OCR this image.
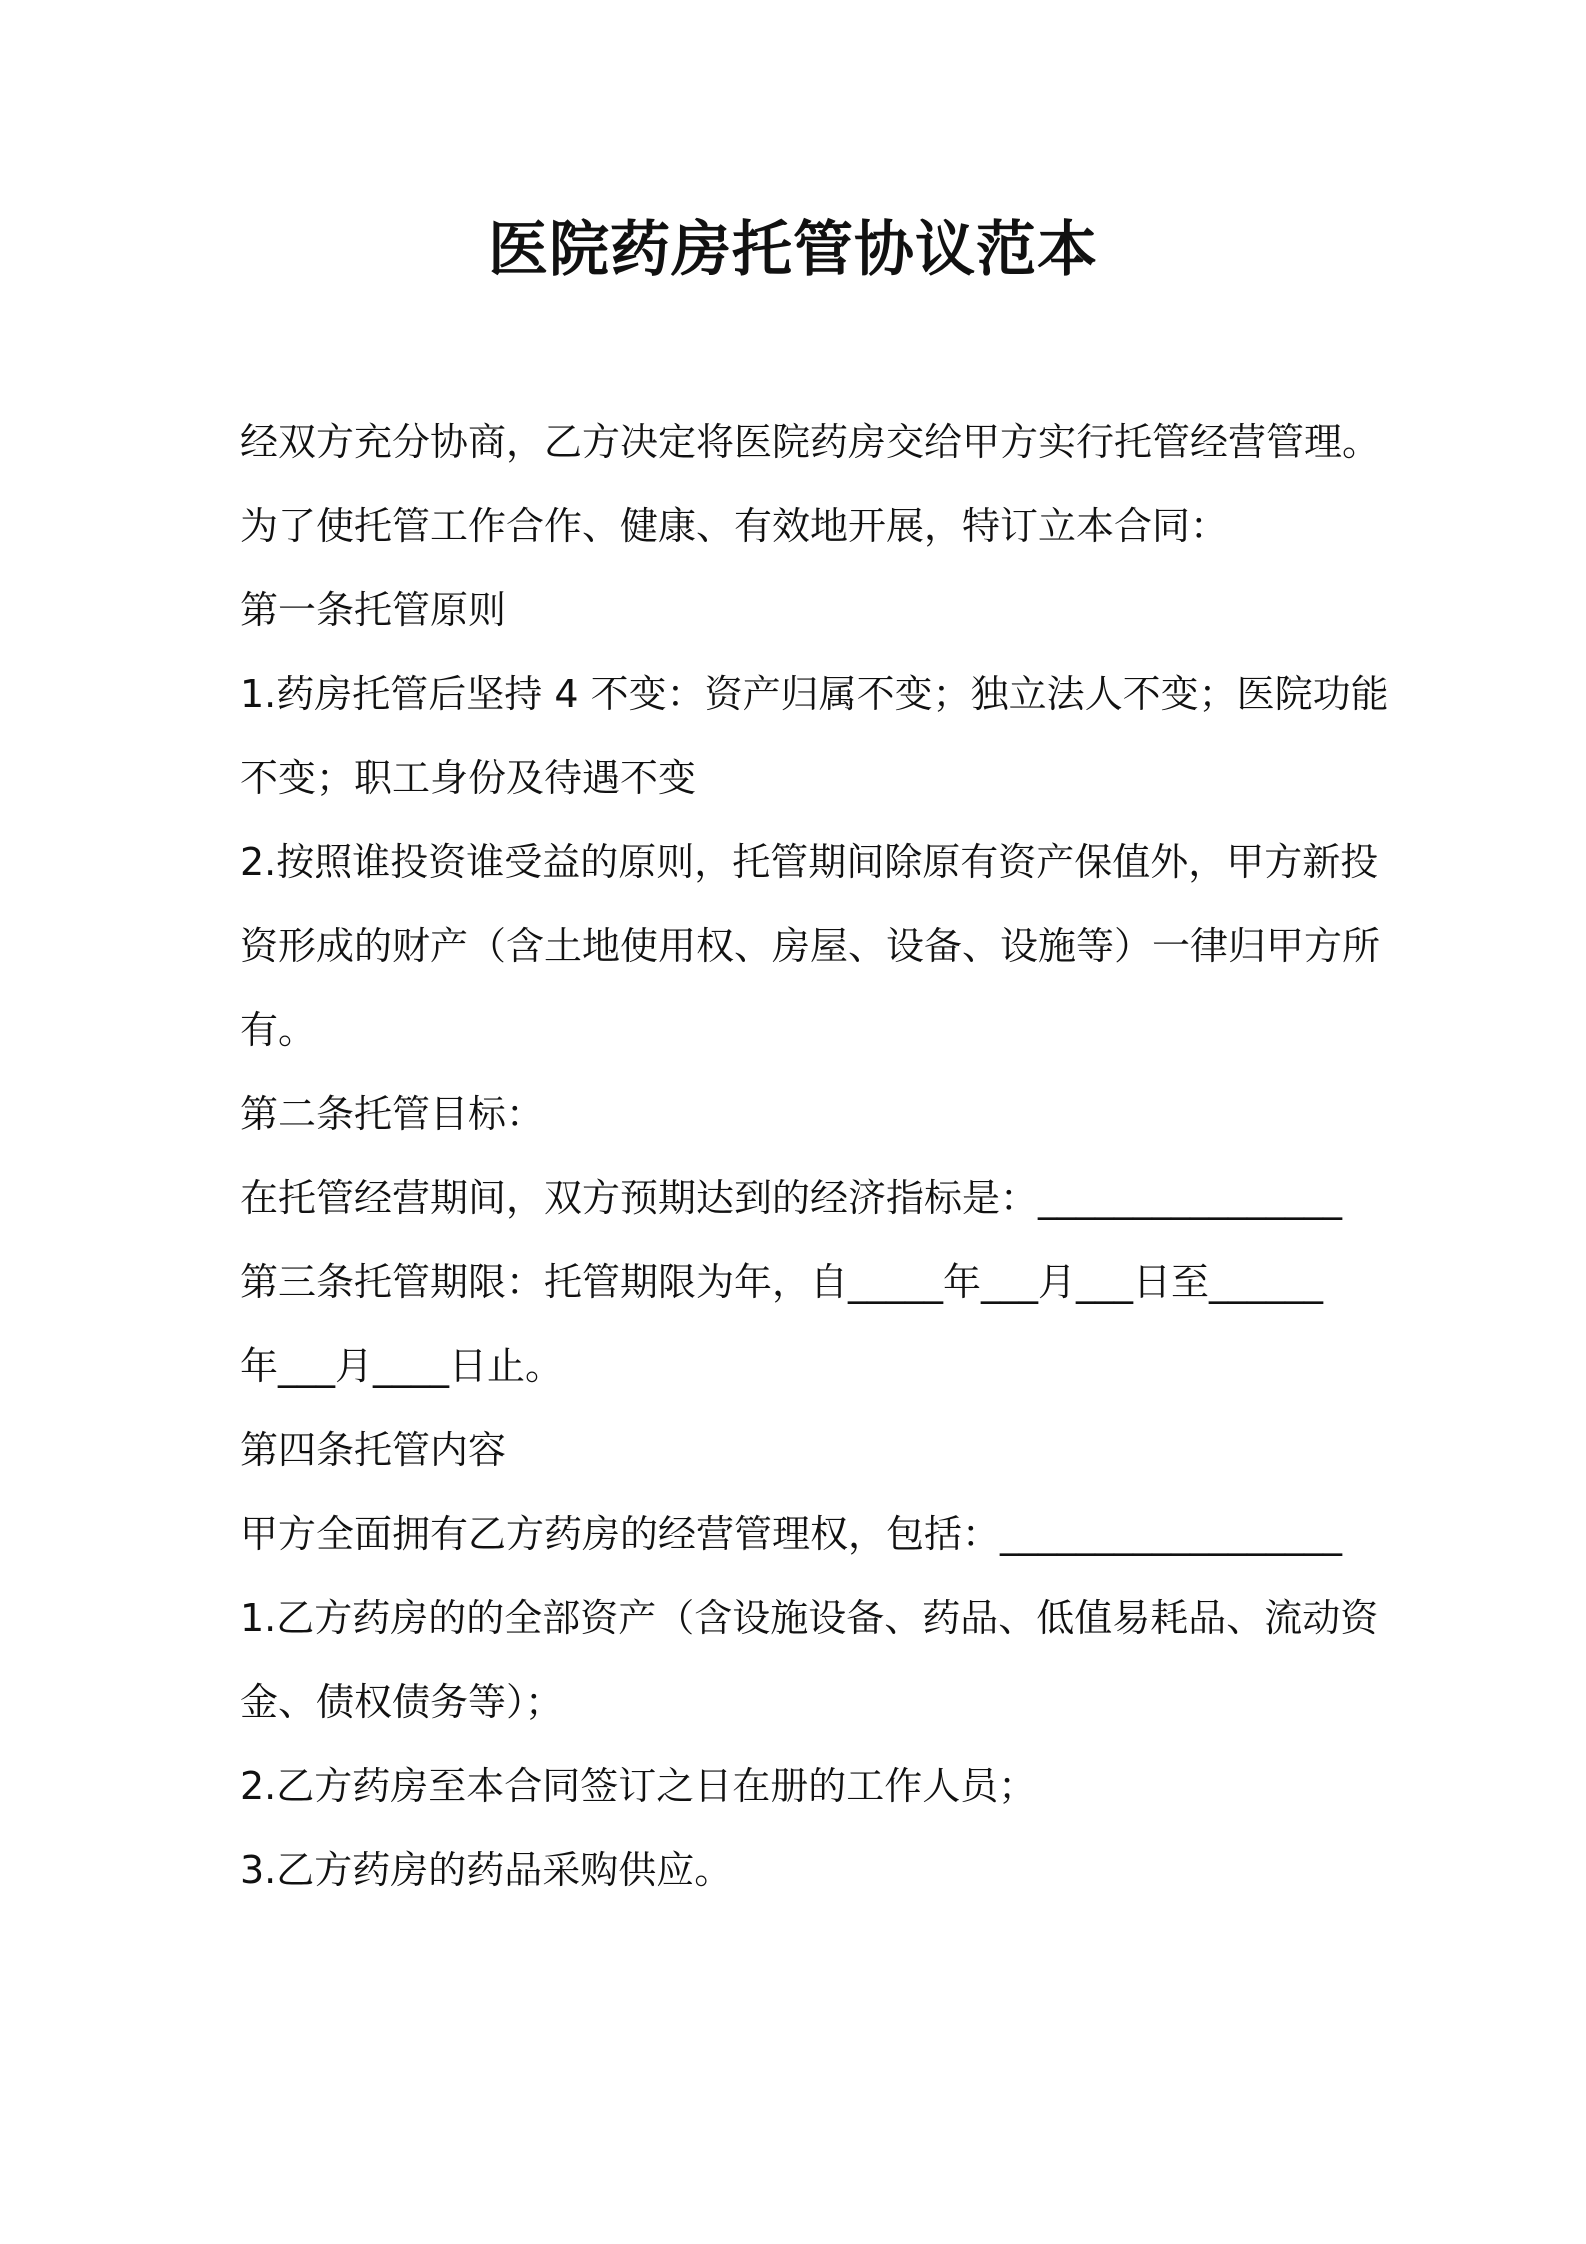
医院药房托管协议范本

经双方充分协商，乙方决定将医院药房交给甲方实行托管经营管理。

为了使托管工作合作、健康、有效地开展，特订立本合同：

第一条托管原则

1.药房托管后坚持 4 不变：资产归属不变；独立法人不变；医院功能

不变；职工身份及待遇不变

2.按照谁投资谁受益的原则，托管期间除原有资产保值外，甲方新投

资形成的财产（含土地使用权、房屋、设备、设施等）一律归甲方所

有。

第二条托管目标：

在托管经营期间，双方预期达到的经济指标是：________________

第三条托管期限：托管期限为年，自_____年___月___日至______

年___月____日止。

第四条托管内容

甲方全面拥有乙方药房的经营管理权，包括：__________________

1.乙方药房的的全部资产（含设施设备、药品、低值易耗品、流动资

金、债权债务等）；

2.乙方药房至本合同签订之日在册的工作人员；

3.乙方药房的药品采购供应。
